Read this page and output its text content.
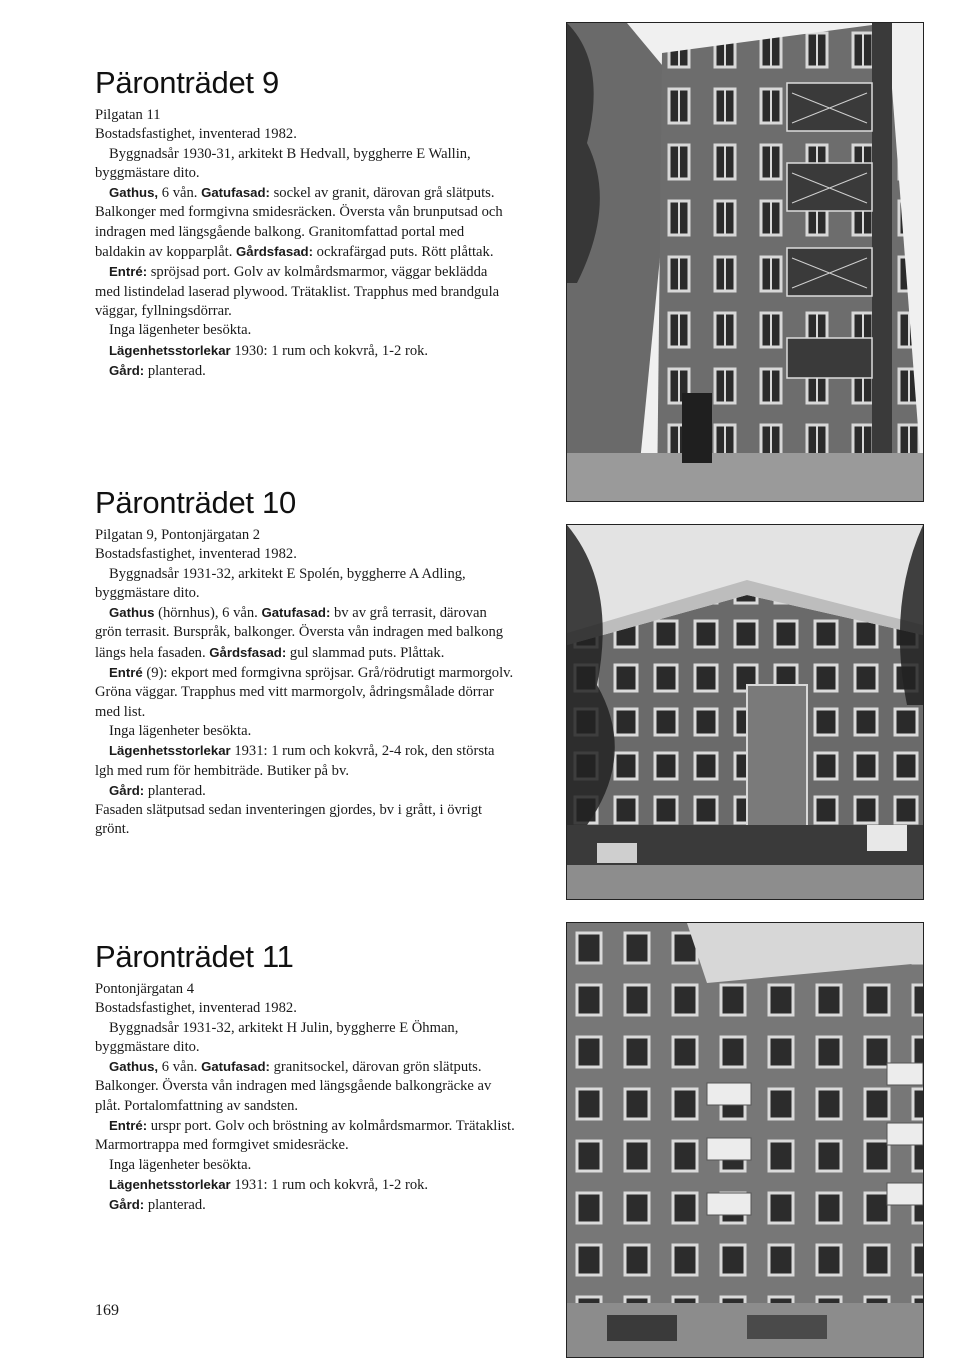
Päronträdet 9

Pilgatan 11

Bostadsfastighet, inventerad 1982.

Byggnadsår 1930-31, arkitekt B Hedvall, byggherre E Wallin, byggmästare dito.

Gathus, 6 vån. Gatufasad: sockel av granit, därovan grå slätputs. Balkonger med formgivna smidesräcken. Översta vån brunputsad och indragen med längsgående balkong. Granitomfattad portal med baldakin av kopparplåt. Gårdsfasad: ockrafärgad puts. Rött plåttak.

Entré: spröjsad port. Golv av kolmårdsmarmor, väggar beklädda med listindelad laserad plywood. Trätaklist. Trapphus med brandgula väggar, fyllningsdörrar.

Inga lägenheter besökta.

Lägenhetsstorlekar 1930: 1 rum och kokvrå, 1-2 rok.

Gård: planterad.

Päronträdet 10

Pilgatan 9, Pontonjärgatan 2

Bostadsfastighet, inventerad 1982.

Byggnadsår 1931-32, arkitekt E Spolén, byggherre A Adling, byggmästare dito.

Gathus (hörnhus), 6 vån. Gatufasad: bv av grå terrasit, därovan grön terrasit. Burspråk, balkonger. Översta vån indragen med balkong längs hela fasaden. Gårdsfasad: gul slammad puts. Plåttak.

Entré (9): ekport med formgivna spröjsar. Grå/rödrutigt marmorgolv. Gröna väggar. Trapphus med vitt marmorgolv, ådringsmålade dörrar med list.

Inga lägenheter besökta.

Lägenhetsstorlekar 1931: 1 rum och kokvrå, 2-4 rok, den största lgh med rum för hembiträde. Butiker på bv.

Gård: planterad.

Fasaden slätputsad sedan inventeringen gjordes, bv i grått, i övrigt grönt.

Päronträdet 11

Pontonjärgatan 4

Bostadsfastighet, inventerad 1982.

Byggnadsår 1931-32, arkitekt H Julin, byggherre E Öhman, byggmästare dito.

Gathus, 6 vån. Gatufasad: granitsockel, därovan grön slätputs. Balkonger. Översta vån indragen med längsgående balkongräcke av plåt. Portalomfattning av sandsten.

Entré: urspr port. Golv och bröstning av kolmårdsmarmor. Trätaklist. Marmortrappa med formgivet smidesräcke.

Inga lägenheter besökta.

Lägenhetsstorlekar 1931: 1 rum och kokvrå, 1-2 rok.

Gård: planterad.

169
